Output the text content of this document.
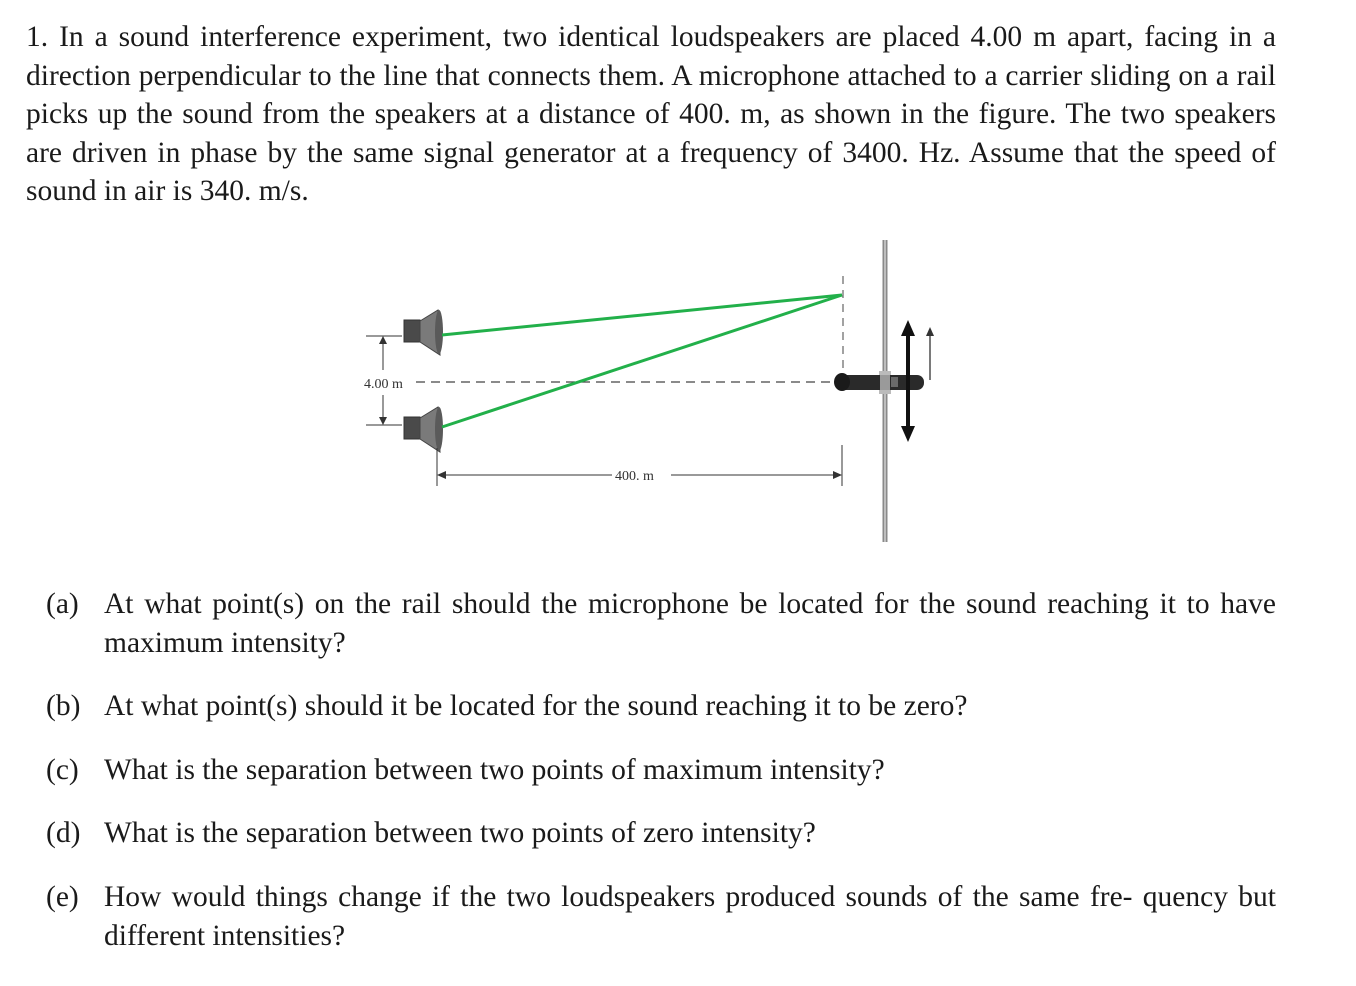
1. In a sound interference experiment, two identical loudspeakers are placed 4.00 m apart, facing in a direction perpendicular to the line that connects them. A microphone attached to a carrier sliding on a rail picks up the sound from the speakers at a distance of 400. m, as shown in the figure. The two speakers are driven in phase by the same signal generator at a frequency of 3400. Hz. Assume that the speed of sound in air is 340. m/s.
4.00 m
400. m
(a) At what point(s) on the rail should the microphone be located for the sound reaching it to have maximum intensity?
(b) At what point(s) should it be located for the sound reaching it to be zero?
(c) What is the separation between two points of maximum intensity?
(d) What is the separation between two points of zero intensity?
(e) How would things change if the two loudspeakers produced sounds of the same fre- quency but different intensities?
